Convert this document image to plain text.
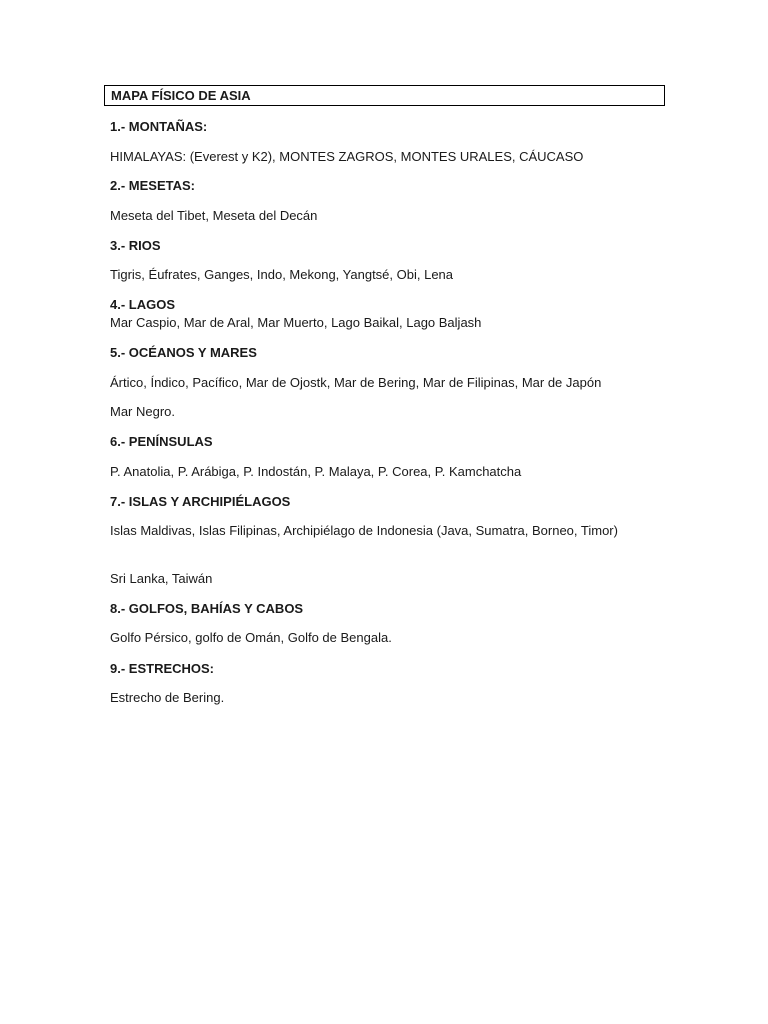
MAPA FÍSICO DE ASIA
1.- MONTAÑAS:
HIMALAYAS: (Everest y K2), MONTES ZAGROS, MONTES URALES, CÁUCASO
2.- MESETAS:
Meseta del Tibet, Meseta del Decán
3.- RIOS
Tigris, Éufrates, Ganges, Indo, Mekong, Yangtsé, Obi, Lena
4.- LAGOS
Mar Caspio, Mar de Aral, Mar Muerto, Lago Baikal, Lago Baljash
5.- OCÉANOS Y MARES
Ártico, Índico, Pacífico, Mar de Ojostk, Mar de Bering, Mar de Filipinas, Mar de Japón
Mar Negro.
6.- PENÍNSULAS
P. Anatolia, P. Arábiga, P. Indostán, P. Malaya, P. Corea, P. Kamchatcha
7.- ISLAS Y ARCHIPIÉLAGOS
Islas Maldivas, Islas Filipinas, Archipiélago de Indonesia (Java, Sumatra, Borneo, Timor)
Sri Lanka, Taiwán
8.- GOLFOS, BAHÍAS Y CABOS
Golfo Pérsico, golfo de Omán, Golfo de Bengala.
9.- ESTRECHOS:
Estrecho de Bering.
